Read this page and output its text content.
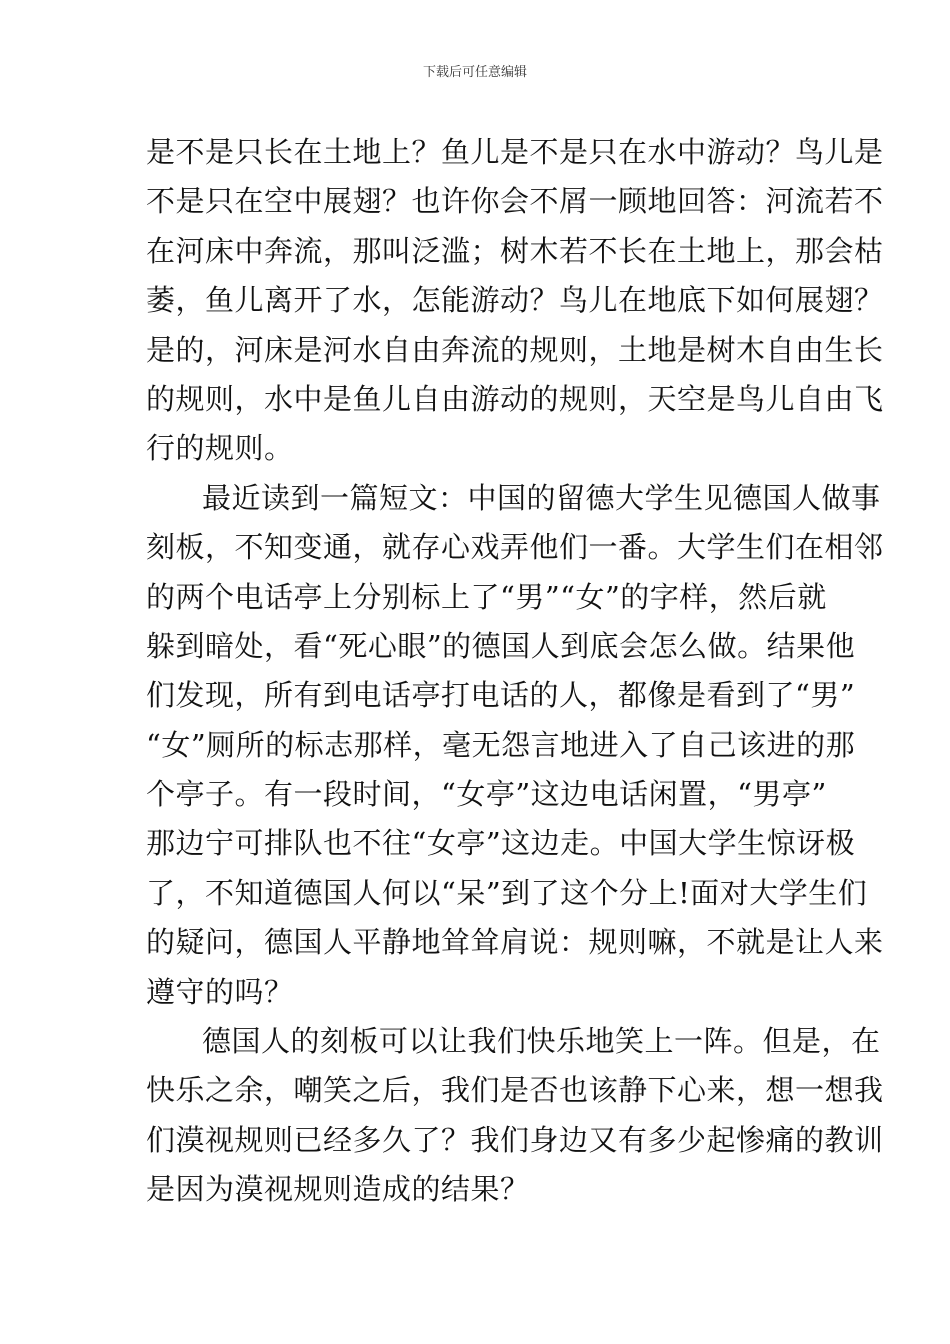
下载后可任意编辑
是不是只长在土地上？鱼儿是不是只在水中游动？鸟儿是
不是只在空中展翅？也许你会不屑一顾地回答：河流若不
在河床中奔流，那叫泛滥；树木若不长在土地上，那会枯
萎，鱼儿离开了水，怎能游动？鸟儿在地底下如何展翅？
是的，河床是河水自由奔流的规则，土地是树木自由生长
的规则，水中是鱼儿自由游动的规则，天空是鸟儿自由飞
行的规则。
最近读到一篇短文：中国的留德大学生见德国人做事
刻板，不知变通，就存心戏弄他们一番。大学生们在相邻
的两个电话亭上分别标上了“男”“女”的字样，然后就
躲到暗处，看“死心眼”的德国人到底会怎么做。结果他
们发现，所有到电话亭打电话的人，都像是看到了“男”
“女”厕所的标志那样，毫无怨言地进入了自己该进的那
个亭子。有一段时间，“女亭”这边电话闲置，“男亭”
那边宁可排队也不往“女亭”这边走。中国大学生惊讶极
了，不知道德国人何以“呆”到了这个分上!面对大学生们
的疑问，德国人平静地耸耸肩说：规则嘛，不就是让人来
遵守的吗？
德国人的刻板可以让我们快乐地笑上一阵。但是，在
快乐之余，嘲笑之后，我们是否也该静下心来，想一想我
们漠视规则已经多久了？我们身边又有多少起惨痛的教训
是因为漠视规则造成的结果？
